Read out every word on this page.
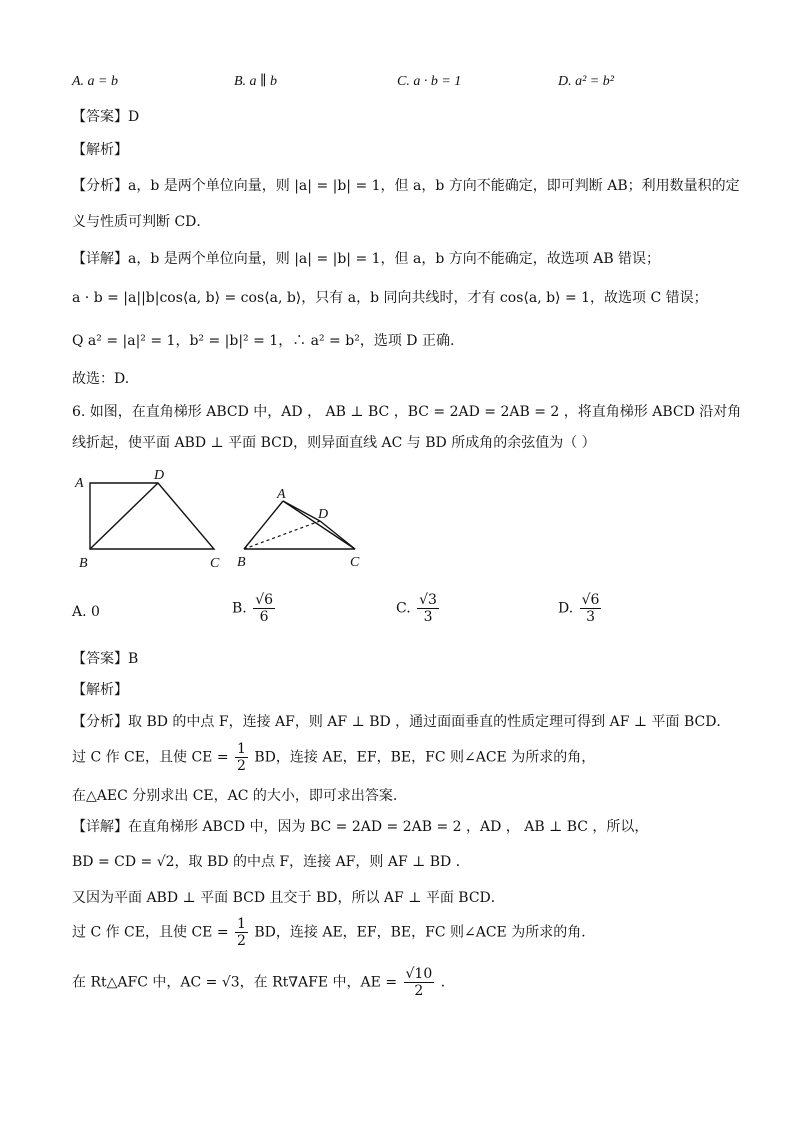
A. a = b	B. a ∥ b	C. a · b = 1	D. a² = b²
【答案】D
【解析】
【分析】a，b 是两个单位向量，则 |a| = |b| = 1，但 a，b 方向不能确定，即可判断 AB；利用数量积的定
义与性质可判断 CD．
【详解】a，b 是两个单位向量，则 |a| = |b| = 1，但 a，b 方向不能确定，故选项 AB 错误；
a · b = |a||b|cos⟨a, b⟩ = cos⟨a, b⟩，只有 a，b 同向共线时，才有 cos⟨a, b⟩ = 1，故选项 C 错误；
Q a² = |a|² = 1，b² = |b|² = 1，∴ a² = b²，选项 D 正确.
故选：D.
6. 如图，在直角梯形 ABCD 中，AD ， AB ⊥ BC ，BC = 2AD = 2AB = 2 ，将直角梯形 ABCD 沿对角
线折起，使平面 ABD ⊥ 平面 BCD，则异面直线 AC 与 BD 所成角的余弦值为（ ）
A
D
B	C
A
D
B	C
A. 0	B. $\frac{√6}{6}$	C. $\frac{√3}{3}$	D. $\frac{√6}{3}$
【答案】B
【解析】
【分析】取 BD 的中点 F，连接 AF，则 AF ⊥ BD ，通过面面垂直的性质定理可得到 AF ⊥ 平面 BCD．
过 C 作 CE，且使 CE = $\frac{1}{2}$ BD，连接 AE，EF，BE，FC 则∠ACE 为所求的角，
在△AEC 分别求出 CE，AC 的大小，即可求出答案.
【详解】在直角梯形 ABCD 中，因为 BC = 2AD = 2AB = 2 ，AD ， AB ⊥ BC ，所以，
BD = CD = √2，取 BD 的中点 F，连接 AF，则 AF ⊥ BD ．
又因为平面 ABD ⊥ 平面 BCD 且交于 BD，所以 AF ⊥ 平面 BCD．
过 C 作 CE，且使 CE = $\frac{1}{2}$ BD，连接 AE，EF，BE，FC 则∠ACE 为所求的角．
在 Rt△AFC 中，AC = √3，在 Rt∇AFE 中，AE = $\frac{√10}{2}$ ．
